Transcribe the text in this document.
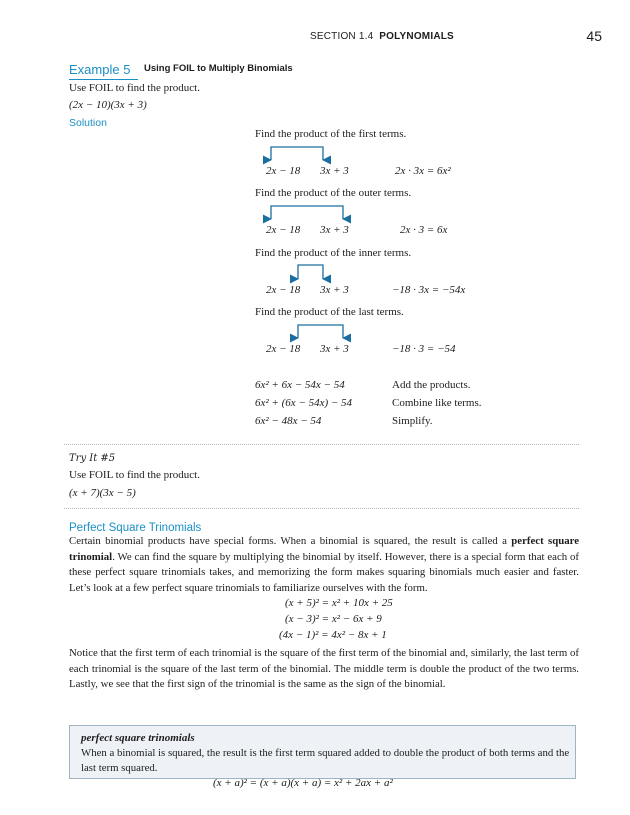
SECTION 1.4 POLYNOMIALS	45
Example 5 Using FOIL to Multiply Binomials
Use FOIL to find the product.
(2x − 10)(3x + 3)
Solution
Find the product of the first terms.
2x − 18 3x + 3	2x · 3x = 6x²
Find the product of the outer terms.
2x − 18 3x + 3	2x · 3 = 6x
Find the product of the inner terms.
2x − 18 3x + 3	−18 · 3x = −54x
Find the product of the last terms.
2x − 18 3x + 3	−18 · 3 = −54
6x² + 6x − 54x − 54	Add the products.
6x² + (6x − 54x) − 54	Combine like terms.
6x² − 48x − 54	Simplify.
Try It #5
Use FOIL to find the product.
(x + 7)(3x − 5)
Perfect Square Trinomials
Certain binomial products have special forms. When a binomial is squared, the result is called a perfect square trinomial. We can find the square by multiplying the binomial by itself. However, there is a special form that each of these perfect square trinomials takes, and memorizing the form makes squaring binomials much easier and faster. Let’s look at a few perfect square trinomials to familiarize ourselves with the form.
(x + 5)² = x² + 10x + 25
(x − 3)² = x² − 6x + 9
(4x − 1)² = 4x² − 8x + 1
Notice that the first term of each trinomial is the square of the first term of the binomial and, similarly, the last term of each trinomial is the square of the last term of the binomial. The middle term is double the product of the two terms. Lastly, we see that the first sign of the trinomial is the same as the sign of the binomial.
perfect square trinomials
When a binomial is squared, the result is the first term squared added to double the product of both terms and the last term squared.
(x + a)² = (x + a)(x + a) = x² + 2ax + a²
